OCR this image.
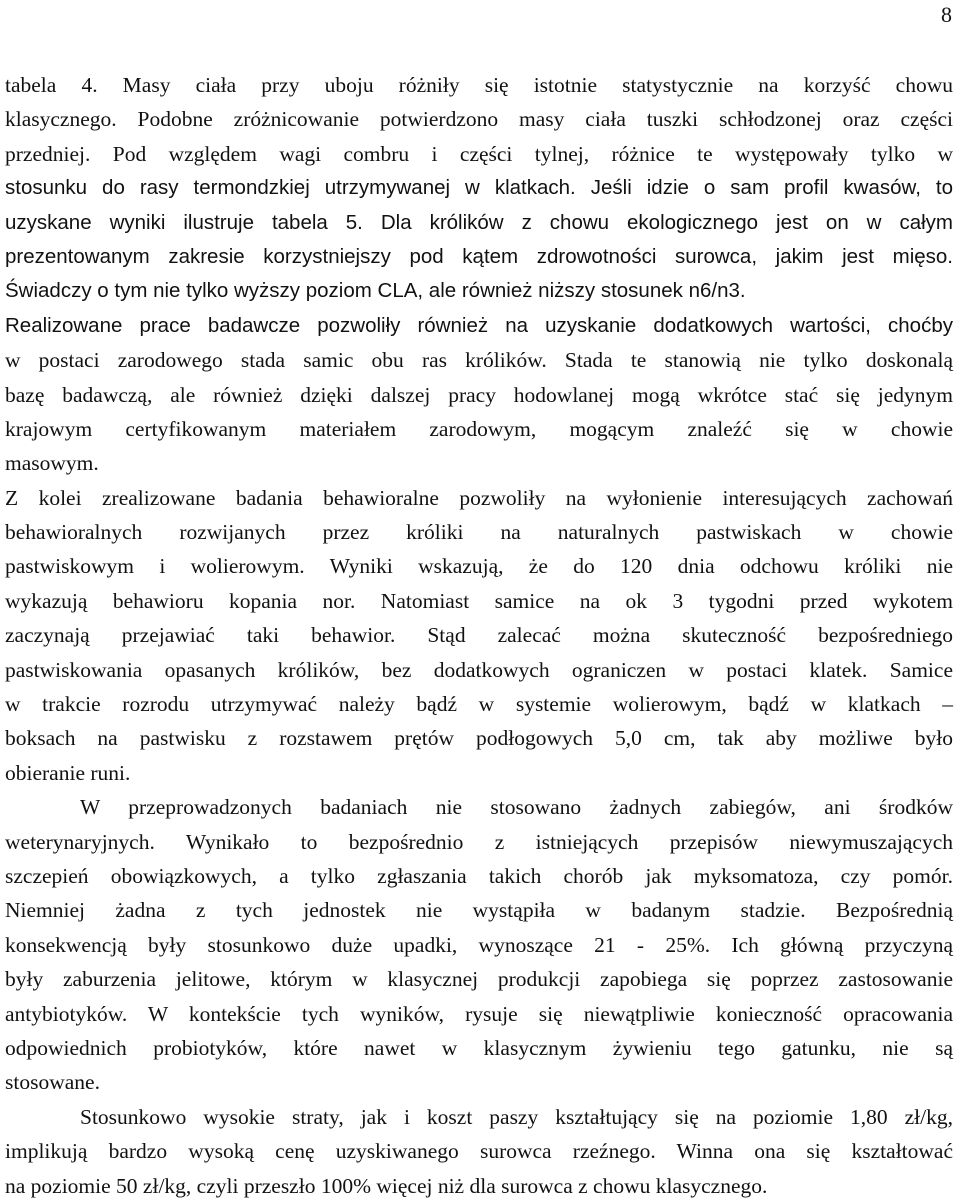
8
tabela 4. Masy ciała przy uboju różniły się istotnie statystycznie na korzyść chowu
klasycznego. Podobne zróżnicowanie potwierdzono masy ciała tuszki schłodzonej oraz części
przedniej. Pod względem wagi combru i części tylnej, różnice te występowały tylko w
stosunku do rasy termondzkiej utrzymywanej w klatkach. Jeśli idzie o sam profil kwasów, to
uzyskane wyniki ilustruje tabela 5. Dla królików z chowu ekologicznego jest on w całym
prezentowanym zakresie korzystniejszy pod kątem zdrowotności surowca, jakim jest mięso.
Świadczy o tym nie tylko wyższy poziom CLA, ale również niższy stosunek n6/n3.
Realizowane prace badawcze pozwoliły również na uzyskanie dodatkowych wartości, choćby
w postaci zarodowego stada samic obu ras królików. Stada te stanowią nie tylko doskonalą
bazę badawczą, ale również dzięki dalszej pracy hodowlanej mogą wkrótce stać się jedynym
krajowym certyfikowanym materiałem zarodowym, mogącym znaleźć się w chowie
masowym.
Z kolei zrealizowane badania behawioralne pozwoliły na wyłonienie interesujących zachowań
behawioralnych rozwijanych przez króliki na naturalnych pastwiskach w chowie
pastwiskowym i wolierowym. Wyniki wskazują, że do 120 dnia odchowu króliki nie
wykazują behawioru kopania nor. Natomiast samice na ok 3 tygodni przed wykotem
zaczynają przejawiać taki behawior. Stąd zalecać można skuteczność bezpośredniego
pastwiskowania opasanych królików, bez dodatkowych ograniczen w postaci klatek. Samice
w trakcie rozrodu utrzymywać należy bądź w systemie wolierowym, bądź w klatkach –
boksach na pastwisku z rozstawem prętów podłogowych 5,0 cm, tak aby możliwe było
obieranie runi.
W przeprowadzonych badaniach nie stosowano żadnych zabiegów, ani środków
weterynaryjnych. Wynikało to bezpośrednio z istniejących przepisów niewymuszających
szczepień obowiązkowych, a tylko zgłaszania takich chorób jak myksomatoza, czy pomór.
Niemniej żadna z tych jednostek nie wystąpiła w badanym stadzie. Bezpośrednią
konsekwencją były stosunkowo duże upadki, wynoszące 21 - 25%. Ich główną przyczyną
były zaburzenia jelitowe, którym w klasycznej produkcji zapobiega się poprzez zastosowanie
antybiotyków. W kontekście tych wyników, rysuje się niewątpliwie konieczność opracowania
odpowiednich probiotyków, które nawet w klasycznym żywieniu tego gatunku, nie są
stosowane.
Stosunkowo wysokie straty, jak i koszt paszy kształtujący się na poziomie 1,80 zł/kg,
implikują bardzo wysoką cenę uzyskiwanego surowca rzeźnego. Winna ona się kształtować
na poziomie 50 zł/kg, czyli przeszło 100% więcej niż dla surowca z chowu klasycznego.
